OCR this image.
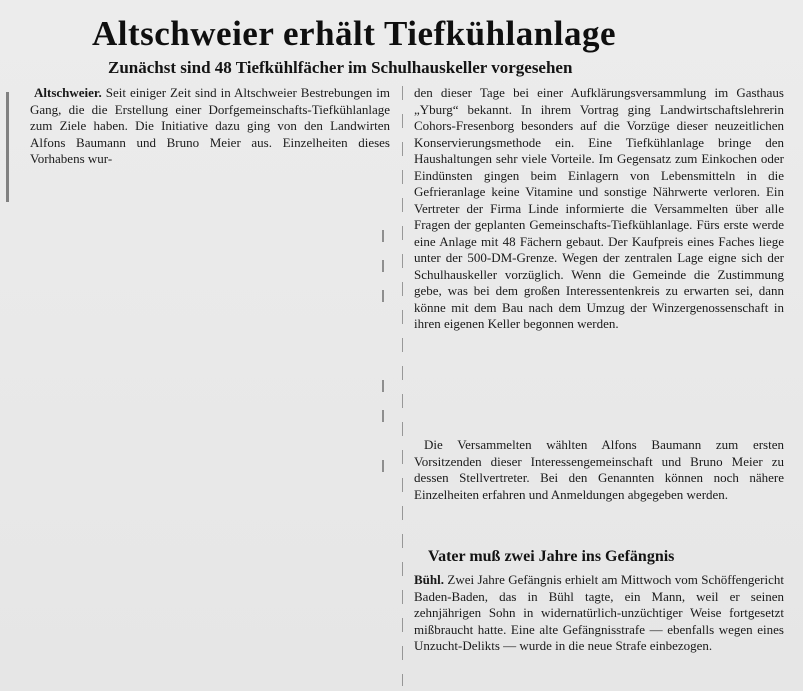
Altschweier erhält Tiefkühlanlage
Zunächst sind 48 Tiefkühlfächer im Schulhauskeller vorgesehen
Altschweier. Seit einiger Zeit sind in Altschweier Bestrebungen im Gang, die die Erstellung einer Dorfgemeinschafts-Tiefkühlanlage zum Ziele haben. Die Initiative dazu ging von den Landwirten Alfons Baumann und Bruno Meier aus. Einzelheiten dieses Vorhabens wur-
den dieser Tage bei einer Aufklärungsversammlung im Gasthaus „Yburg“ bekannt. In ihrem Vortrag ging Landwirtschaftslehrerin Cohors-Fresenborg besonders auf die Vorzüge dieser neuzeitlichen Konservierungsmethode ein. Eine Tiefkühlanlage bringe den Haushaltungen sehr viele Vorteile. Im Gegensatz zum Einkochen oder Eindünsten gingen beim Einlagern von Lebensmitteln in die Gefrieranlage keine Vitamine und sonstige Nährwerte verloren. Ein Vertreter der Firma Linde informierte die Versammelten über alle Fragen der geplanten Gemeinschafts-Tiefkühlanlage. Fürs erste werde eine Anlage mit 48 Fächern gebaut. Der Kaufpreis eines Faches liege unter der 500-DM-Grenze. Wegen der zentralen Lage eigne sich der Schulhauskeller vorzüglich. Wenn die Gemeinde die Zustimmung gebe, was bei dem großen Interessentenkreis zu erwarten sei, dann könne mit dem Bau nach dem Umzug der Winzergenossenschaft in ihren eigenen Keller begonnen werden.
Die Versammelten wählten Alfons Baumann zum ersten Vorsitzenden dieser Interessengemeinschaft und Bruno Meier zu dessen Stellvertreter. Bei den Genannten können noch nähere Einzelheiten erfahren und Anmeldungen abgegeben werden.
Vater muß zwei Jahre ins Gefängnis
Bühl. Zwei Jahre Gefängnis erhielt am Mittwoch vom Schöffengericht Baden-Baden, das in Bühl tagte, ein Mann, weil er seinen zehnjährigen Sohn in widernatürlich-unzüchtiger Weise fortgesetzt mißbraucht hatte. Eine alte Gefängnisstrafe — ebenfalls wegen eines Unzucht-Delikts — wurde in die neue Strafe einbezogen.
